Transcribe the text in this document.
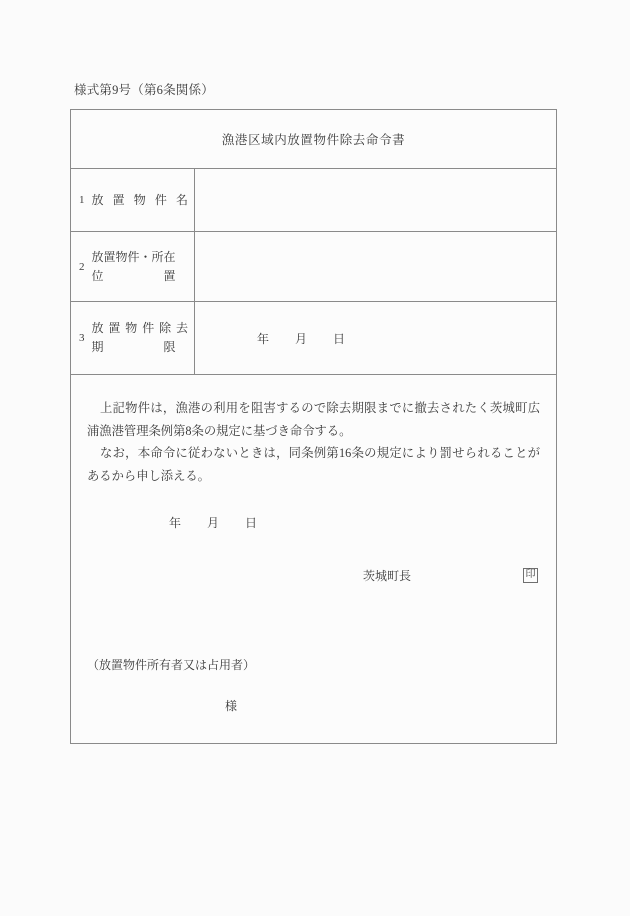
様式第9号（第6条関係）
漁港区域内放置物件除去命令書
1 放置物件名
2
放置物件・所在
位　　　　　置
3
放置物件除去
期　　　　　限
年 月 日

上記物件は，漁港の利用を阻害するので除去期限までに撤去されたく茨城町広浦漁港管理条例第8条の規定に基づき命令する。

なお，本命令に従わないときは，同条例第16条の規定により罰せられることがあるから申し添える。

年 月 日
茨城町長	印
（放置物件所有者又は占用者）
様
